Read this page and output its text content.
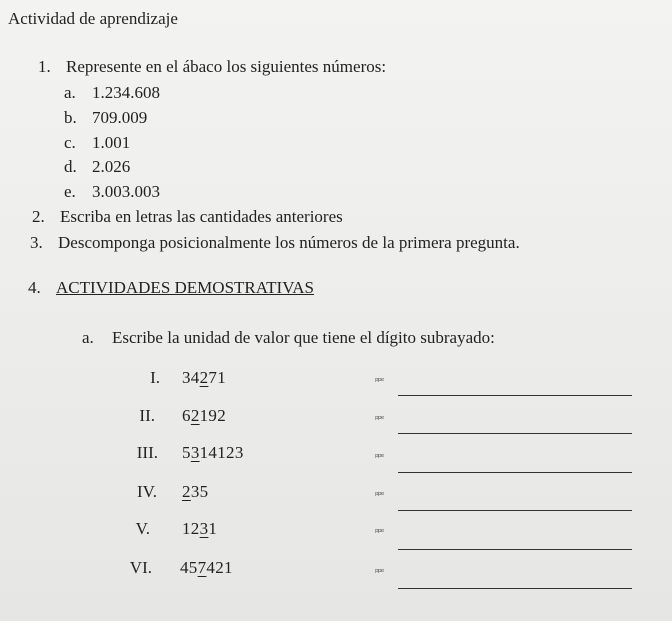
Actividad de aprendizaje
1. Represente en el ábaco los siguientes números:
a. 1.234.608
b. 709.009
c. 1.001
d. 2.026
e. 3.003.003
2. Escriba en letras las cantidades anteriores
3. Descomponga posicionalmente los números de la primera pregunta.
4. ACTIVIDADES DEMOSTRATIVAS
a. Escribe la unidad de valor que tiene el dígito subrayado:
I. 34271	ᵖᵖᵉ
II. 62192	ᵖᵖᵉ
III. 5314123	ᵖᵖᵉ
IV. 235	ᵖᵖᵉ
V. 1231	ᵖᵖᵉ
VI. 457421	ᵖᵖᵉ
